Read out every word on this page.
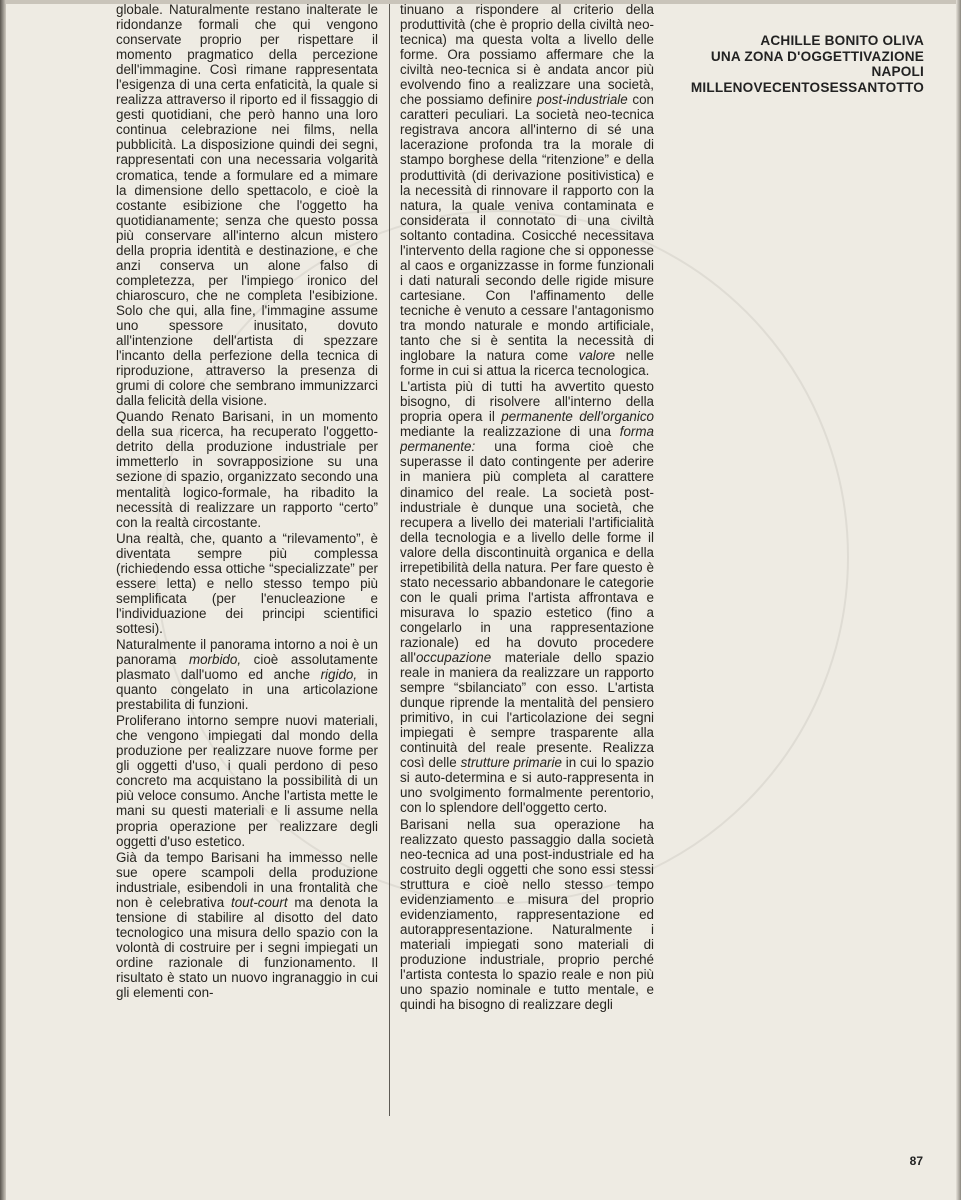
globale. Naturalmente restano inalterate le ridondanze formali che qui vengono conservate proprio per rispettare il momento pragmatico della percezione dell'immagine. Così rimane rappresentata l'esigenza di una certa enfaticità, la quale si realizza attraverso il riporto ed il fissaggio di gesti quotidiani, che però hanno una loro continua celebrazione nei films, nella pubblicità. La disposizione quindi dei segni, rappresentati con una necessaria volgarità cromatica, tende a formulare ed a mimare la dimensione dello spettacolo, e cioè la costante esibizione che l'oggetto ha quotidianamente; senza che questo possa più conservare all'interno alcun mistero della propria identità e destinazione, e che anzi conserva un alone falso di completezza, per l'impiego ironico del chiaroscuro, che ne completa l'esibizione. Solo che qui, alla fine, l'immagine assume uno spessore inusitato, dovuto all'intenzione dell'artista di spezzare l'incanto della perfezione della tecnica di riproduzione, attraverso la presenza di grumi di colore che sembrano immunizzarci dalla felicità della visione.

Quando Renato Barisani, in un momento della sua ricerca, ha recuperato l'oggetto-detrito della produzione industriale per immetterlo in sovrapposizione su una sezione di spazio, organizzato secondo una mentalità logico-formale, ha ribadito la necessità di realizzare un rapporto “certo” con la realtà circostante.

Una realtà, che, quanto a “rilevamento”, è diventata sempre più complessa (richiedendo essa ottiche “specializzate” per essere letta) e nello stesso tempo più semplificata (per l'enucleazione e l'individuazione dei principi scientifici sottesi).

Naturalmente il panorama intorno a noi è un panorama morbido, cioè assolutamente plasmato dall'uomo ed anche rigido, in quanto congelato in una articolazione prestabilita di funzioni.

Proliferano intorno sempre nuovi materiali, che vengono impiegati dal mondo della produzione per realizzare nuove forme per gli oggetti d'uso, i quali perdono di peso concreto ma acquistano la possibilità di un più veloce consumo. Anche l'artista mette le mani su questi materiali e li assume nella propria operazione per realizzare degli oggetti d'uso estetico.

Già da tempo Barisani ha immesso nelle sue opere scampoli della produzione industriale, esibendoli in una frontalità che non è celebrativa tout-court ma denota la tensione di stabilire al disotto del dato tecnologico una misura dello spazio con la volontà di costruire per i segni impiegati un ordine razionale di funzionamento. Il risultato è stato un nuovo ingranaggio in cui gli elementi con-

tinuano a rispondere al criterio della produttività (che è proprio della civiltà neo-tecnica) ma questa volta a livello delle forme. Ora possiamo affermare che la civiltà neo-tecnica si è andata ancor più evolvendo fino a realizzare una società, che possiamo definire post-industriale con caratteri peculiari. La società neo-tecnica registrava ancora all'interno di sé una lacerazione profonda tra la morale di stampo borghese della “ritenzione” e della produttività (di derivazione positivistica) e la necessità di rinnovare il rapporto con la natura, la quale veniva contaminata e considerata il connotato di una civiltà soltanto contadina. Cosicché necessitava l'intervento della ragione che si opponesse al caos e organizzasse in forme funzionali i dati naturali secondo delle rigide misure cartesiane. Con l'affinamento delle tecniche è venuto a cessare l'antagonismo tra mondo naturale e mondo artificiale, tanto che si è sentita la necessità di inglobare la natura come valore nelle forme in cui si attua la ricerca tecnologica.

L'artista più di tutti ha avvertito questo bisogno, di risolvere all'interno della propria opera il permanente dell'organico mediante la realizzazione di una forma permanente: una forma cioè che superasse il dato contingente per aderire in maniera più completa al carattere dinamico del reale. La società post-industriale è dunque una società, che recupera a livello dei materiali l'artificialità della tecnologia e a livello delle forme il valore della discontinuità organica e della irrepetibilità della natura. Per fare questo è stato necessario abbandonare le categorie con le quali prima l'artista affrontava e misurava lo spazio estetico (fino a congelarlo in una rappresentazione razionale) ed ha dovuto procedere all'occupazione materiale dello spazio reale in maniera da realizzare un rapporto sempre “sbilanciato” con esso. L'artista dunque riprende la mentalità del pensiero primitivo, in cui l'articolazione dei segni impiegati è sempre trasparente alla continuità del reale presente. Realizza così delle strutture primarie in cui lo spazio si auto-determina e si auto-rappresenta in uno svolgimento formalmente perentorio, con lo splendore dell'oggetto certo.

Barisani nella sua operazione ha realizzato questo passaggio dalla società neo-tecnica ad una post-industriale ed ha costruito degli oggetti che sono essi stessi struttura e cioè nello stesso tempo evidenziamento e misura del proprio evidenziamento, rappresentazione ed autorappresentazione. Naturalmente i materiali impiegati sono materiali di produzione industriale, proprio perché l'artista contesta lo spazio reale e non più uno spazio nominale e tutto mentale, e quindi ha bisogno di realizzare degli

ACHILLE BONITO OLIVA
UNA ZONA D'OGGETTIVAZIONE
NAPOLI
MILLENOVECENTOSESSANTOTTO
87
